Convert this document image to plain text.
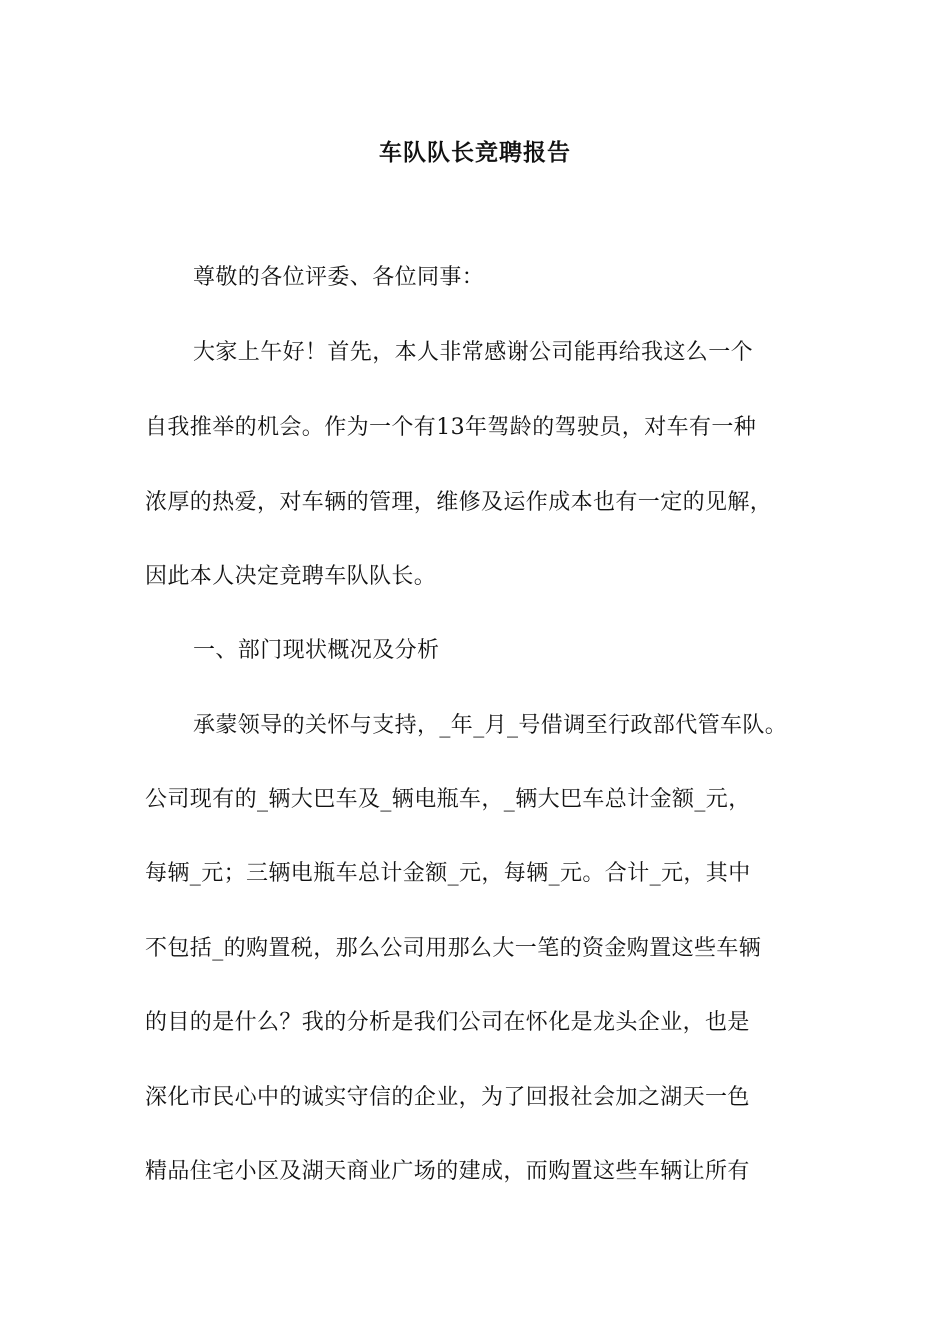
车队队长竞聘报告
尊敬的各位评委、各位同事：
大家上午好！首先，本人非常感谢公司能再给我这么一个
自我推举的机会。作为一个有13年驾龄的驾驶员，对车有一种
浓厚的热爱，对车辆的管理，维修及运作成本也有一定的见解，
因此本人决定竞聘车队队长。
一、部门现状概况及分析
承蒙领导的关怀与支持，_年_月_号借调至行政部代管车队。
公司现有的_辆大巴车及_辆电瓶车，_辆大巴车总计金额_元，
每辆_元；三辆电瓶车总计金额_元，每辆_元。合计_元，其中
不包括_的购置税，那么公司用那么大一笔的资金购置这些车辆
的目的是什么？我的分析是我们公司在怀化是龙头企业，也是
深化市民心中的诚实守信的企业，为了回报社会加之湖天一色
精品住宅小区及湖天商业广场的建成，而购置这些车辆让所有
